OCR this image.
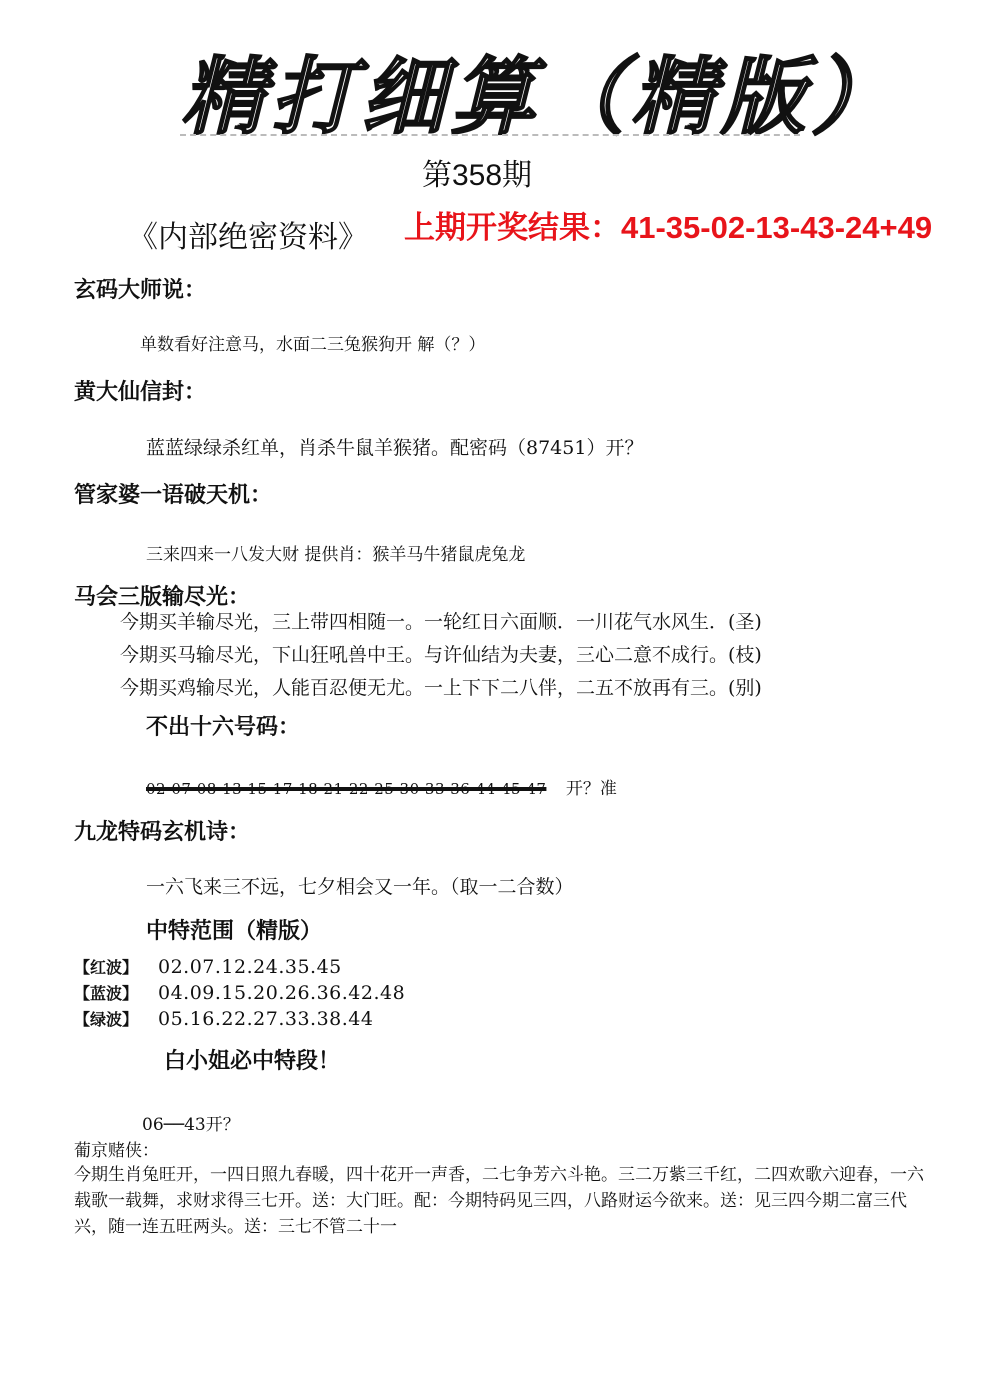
精打细算（精版）
第358期
《内部绝密资料》 上期开奖结果：41-35-02-13-43-24+49
玄码大师说：
单数看好注意马，水面二三兔猴狗开 解（？）
黄大仙信封：
蓝蓝绿绿杀红单，肖杀牛鼠羊猴猪。配密码（87451）开？
管家婆一语破天机：
三来四来一八发大财 提供肖：猴羊马牛猪鼠虎兔龙
马会三版输尽光：
今期买羊输尽光，三上带四相随一。一轮红日六面顺．一川花气水风生．(圣)
今期买马输尽光，下山狂吼兽中王。与许仙结为夫妻，三心二意不成行。(枝)
今期买鸡输尽光，人能百忍便无尤。一上下下二八伴，二五不放再有三。(别)
不出十六号码：
02 07 08 13 15 17 18 21 22 25 30 33 36 44 45 47 开？准
九龙特码玄机诗：
一六飞来三不远，七夕相会又一年。（取一二合数）
中特范围（精版）
【红波】 02.07.12.24.35.45
【蓝波】 04.09.15.20.26.36.42.48
【绿波】 05.16.22.27.33.38.44
白小姐必中特段！
06──43开？
葡京赌侠：
今期生肖兔旺开，一四日照九春暖，四十花开一声香，二七争芳六斗艳。三二万紫三千红，二四欢歌六迎春，一六载歌一载舞，求财求得三七开。送：大门旺。配：今期特码见三四，八路财运今欲来。送：见三四今期二富三代兴，随一连五旺两头。送：三七不管二十一
